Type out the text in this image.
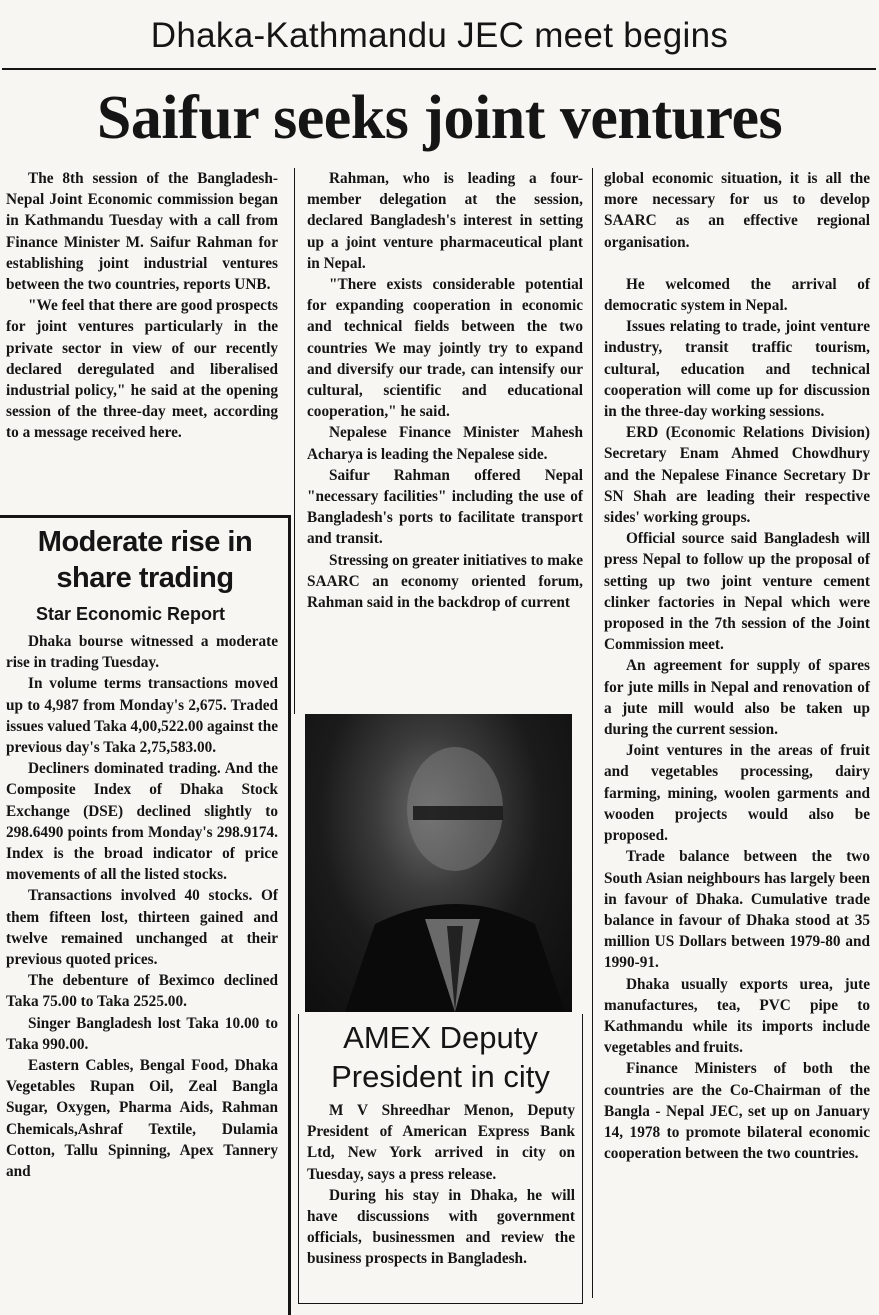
Dhaka-Kathmandu JEC meet begins
Saifur seeks joint ventures

The 8th session of the Bangladesh-Nepal Joint Economic commission began in Kathmandu Tuesday with a call from Finance Minister M. Saifur Rahman for establishing joint industrial ventures between the two countries, reports UNB.

"We feel that there are good prospects for joint ventures particularly in the private sector in view of our recently declared deregulated and liberalised industrial policy," he said at the opening session of the three-day meet, according to a message received here.

Rahman, who is leading a four-member delegation at the session, declared Bangladesh's interest in setting up a joint venture pharmaceutical plant in Nepal.

"There exists considerable potential for expanding cooperation in economic and technical fields between the two countries We may jointly try to expand and diversify our trade, can intensify our cultural, scientific and educational cooperation," he said.

Nepalese Finance Minister Mahesh Acharya is leading the Nepalese side.

Saifur Rahman offered Nepal "necessary facilities" including the use of Bangladesh's ports to facilitate transport and transit.

Stressing on greater initiatives to make SAARC an economy oriented forum, Rahman said in the backdrop of current

global economic situation, it is all the more necessary for us to develop SAARC as an effective regional organisation.

He welcomed the arrival of democratic system in Nepal.

Issues relating to trade, joint venture industry, transit traffic tourism, cultural, education and technical cooperation will come up for discussion in the three-day working sessions.

ERD (Economic Relations Division) Secretary Enam Ahmed Chowdhury and the Nepalese Finance Secretary Dr SN Shah are leading their respective sides' working groups.

Official source said Bangladesh will press Nepal to follow up the proposal of setting up two joint venture cement clinker factories in Nepal which were proposed in the 7th session of the Joint Commission meet.

An agreement for supply of spares for jute mills in Nepal and renovation of a jute mill would also be taken up during the current session.

Joint ventures in the areas of fruit and vegetables processing, dairy farming, mining, woolen garments and wooden projects would also be proposed.

Trade balance between the two South Asian neighbours has largely been in favour of Dhaka. Cumulative trade balance in favour of Dhaka stood at 35 million US Dollars between 1979-80 and 1990-91.

Dhaka usually exports urea, jute manufactures, tea, PVC pipe to Kathmandu while its imports include vegetables and fruits.

Finance Ministers of both the countries are the Co-Chairman of the Bangla - Nepal JEC, set up on January 14, 1978 to promote bilateral economic cooperation between the two countries.

Moderate rise in share trading
Star Economic Report

Dhaka bourse witnessed a moderate rise in trading Tuesday.

In volume terms transactions moved up to 4,987 from Monday's 2,675. Traded issues valued Taka 4,00,522.00 against the previous day's Taka 2,75,583.00.

Decliners dominated trading. And the Composite Index of Dhaka Stock Exchange (DSE) declined slightly to 298.6490 points from Monday's 298.9174. Index is the broad indicator of price movements of all the listed stocks.

Transactions involved 40 stocks. Of them fifteen lost, thirteen gained and twelve remained unchanged at their previous quoted prices.

The debenture of Beximco declined Taka 75.00 to Taka 2525.00.

Singer Bangladesh lost Taka 10.00 to Taka 990.00.

Eastern Cables, Bengal Food, Dhaka Vegetables Rupan Oil, Zeal Bangla Sugar, Oxygen, Pharma Aids, Rahman Chemicals,Ashraf Textile, Dulamia Cotton, Tallu Spinning, Apex Tannery and

AMEX Deputy President in city

M V Shreedhar Menon, Deputy President of American Express Bank Ltd, New York arrived in city on Tuesday, says a press release.

During his stay in Dhaka, he will have discussions with government officials, businessmen and review the business prospects in Bangladesh.
